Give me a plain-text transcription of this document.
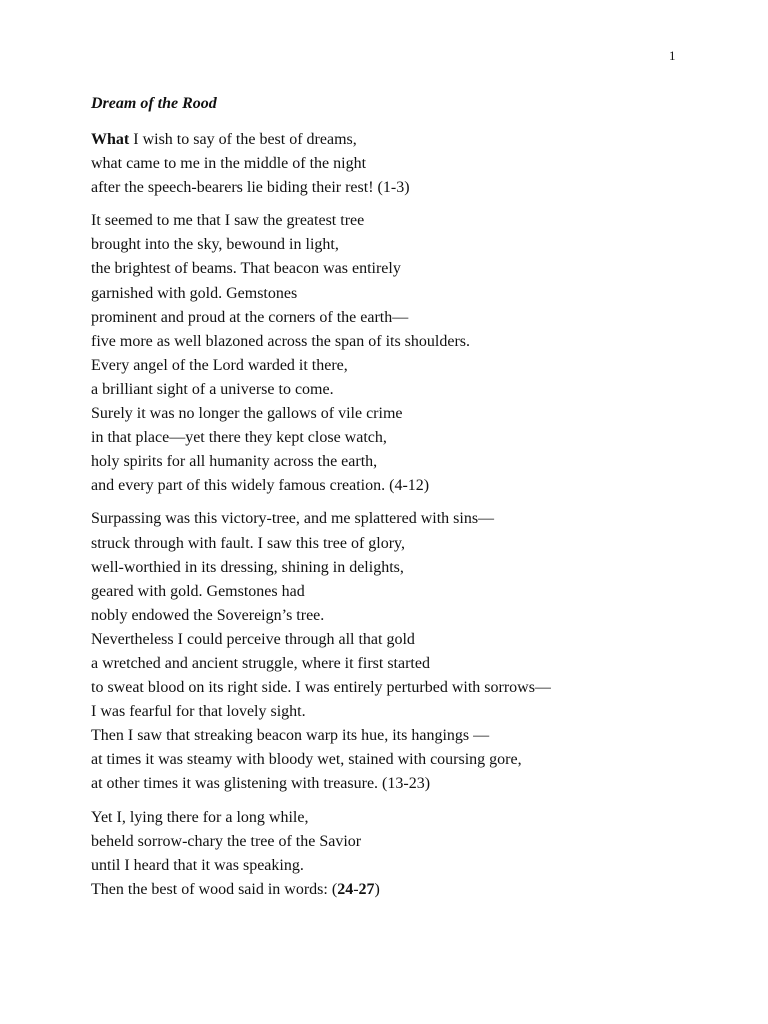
1
Dream of the Rood
What I wish to say of the best of dreams,
what came to me in the middle of the night
after the speech-bearers lie biding their rest! (1-3)
It seemed to me that I saw the greatest tree
brought into the sky, bewound in light,
the brightest of beams. That beacon was entirely
garnished with gold. Gemstones
prominent and proud at the corners of the earth—
five more as well blazoned across the span of its shoulders.
Every angel of the Lord warded it there,
a brilliant sight of a universe to come.
Surely it was no longer the gallows of vile crime
in that place—yet there they kept close watch,
holy spirits for all humanity across the earth,
and every part of this widely famous creation. (4-12)
Surpassing was this victory-tree, and me splattered with sins—
struck through with fault. I saw this tree of glory,
well-worthied in its dressing, shining in delights,
geared with gold. Gemstones had
nobly endowed the Sovereign’s tree.
Nevertheless I could perceive through all that gold
a wretched and ancient struggle, where it first started
to sweat blood on its right side. I was entirely perturbed with sorrows—
I was fearful for that lovely sight.
Then I saw that streaking beacon warp its hue, its hangings —
at times it was steamy with bloody wet, stained with coursing gore,
at other times it was glistening with treasure. (13-23)
Yet I, lying there for a long while,
beheld sorrow-chary the tree of the Savior
until I heard that it was speaking.
Then the best of wood said in words: (24-27)
